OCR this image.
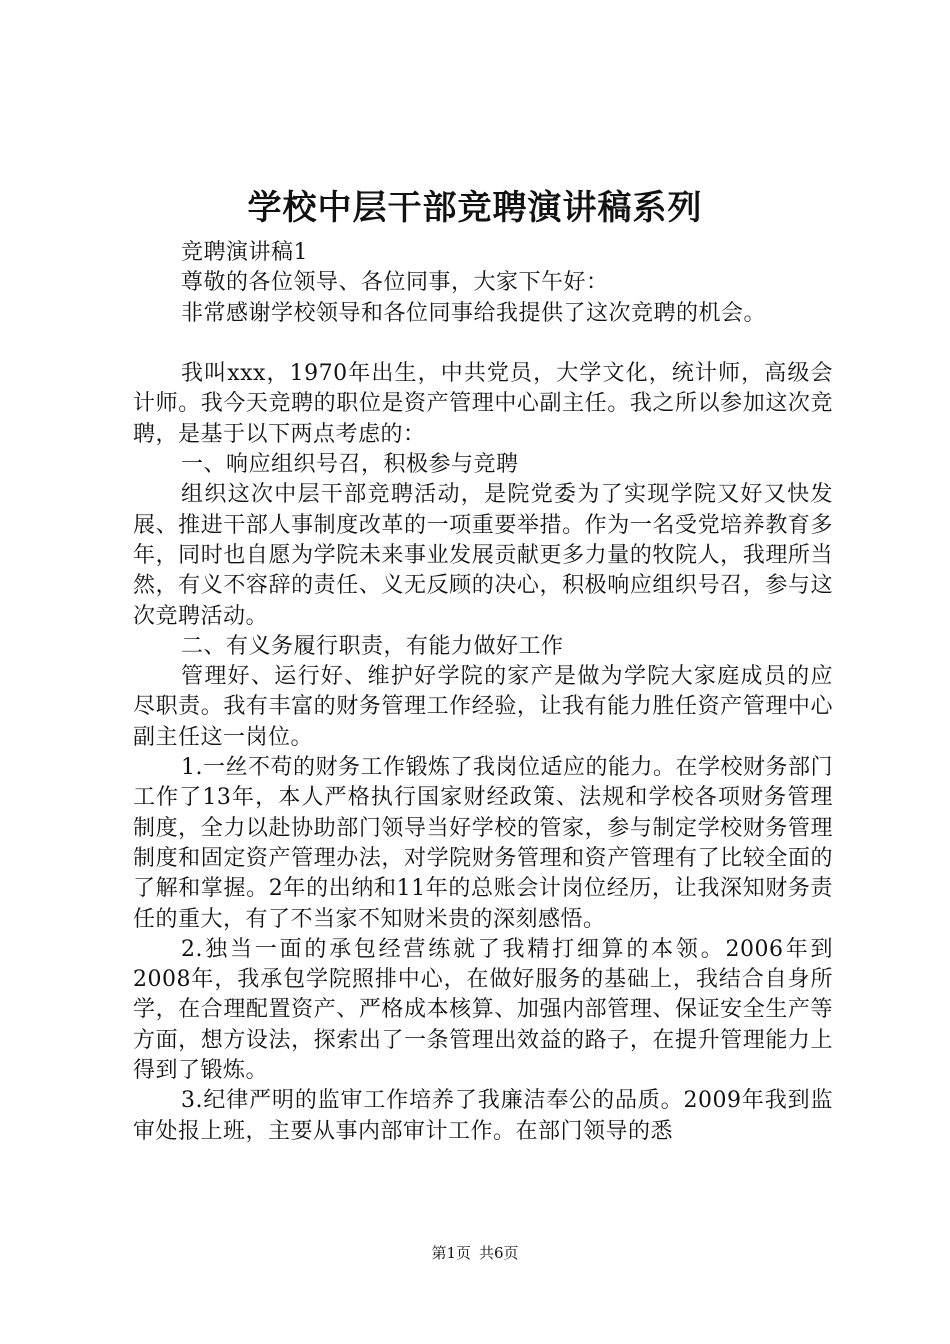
学校中层干部竞聘演讲稿系列

竞聘演讲稿1

尊敬的各位领导、各位同事，大家下午好：

非常感谢学校领导和各位同事给我提供了这次竞聘的机会。

我叫xxx，1970年出生，中共党员，大学文化，统计师，高级会计师。我今天竞聘的职位是资产管理中心副主任。我之所以参加这次竞聘，是基于以下两点考虑的：

一、响应组织号召，积极参与竞聘

组织这次中层干部竞聘活动，是院党委为了实现学院又好又快发展、推进干部人事制度改革的一项重要举措。作为一名受党培养教育多年，同时也自愿为学院未来事业发展贡献更多力量的牧院人，我理所当然，有义不容辞的责任、义无反顾的决心，积极响应组织号召，参与这次竞聘活动。

二、有义务履行职责，有能力做好工作

管理好、运行好、维护好学院的家产是做为学院大家庭成员的应尽职责。我有丰富的财务管理工作经验，让我有能力胜任资产管理中心副主任这一岗位。

1.一丝不苟的财务工作锻炼了我岗位适应的能力。在学校财务部门工作了13年，本人严格执行国家财经政策、法规和学校各项财务管理制度，全力以赴协助部门领导当好学校的管家，参与制定学校财务管理制度和固定资产管理办法，对学院财务管理和资产管理有了比较全面的了解和掌握。2年的出纳和11年的总账会计岗位经历，让我深知财务责任的重大，有了不当家不知财米贵的深刻感悟。

2.独当一面的承包经营练就了我精打细算的本领。2006年到2008年，我承包学院照排中心，在做好服务的基础上，我结合自身所学，在合理配置资产、严格成本核算、加强内部管理、保证安全生产等方面，想方设法，探索出了一条管理出效益的路子，在提升管理能力上得到了锻炼。

3.纪律严明的监审工作培养了我廉洁奉公的品质。2009年我到监审处报上班，主要从事内部审计工作。在部门领导的悉

第1页 共6页
